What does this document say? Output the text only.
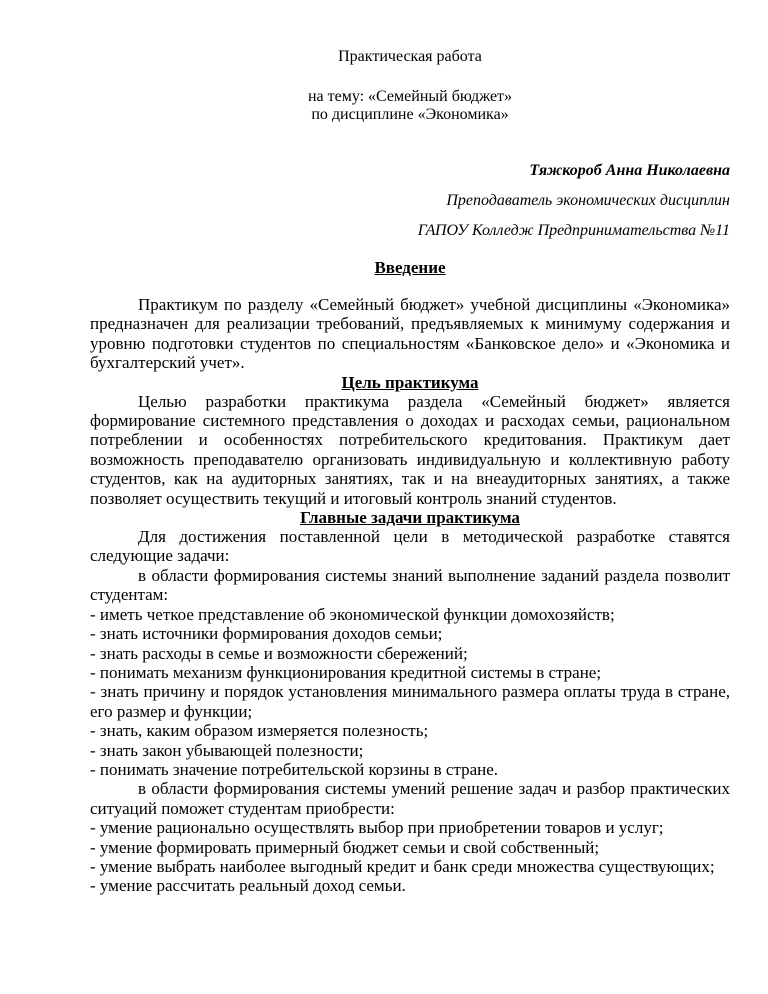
Практическая работа

на тему: «Семейный бюджет»

по дисциплине «Экономика»

Тяжкороб Анна Николаевна

Преподаватель экономических дисциплин

ГАПОУ Колледж Предпринимательства №11

Введение

Практикум по разделу «Семейный бюджет» учебной дисциплины «Экономика» предназначен для реализации требований, предъявляемых к минимуму содержания и уровню подготовки студентов по специальностям «Банковское дело» и «Экономика и бухгалтерский учет».

Цель практикума

Целью разработки практикума раздела «Семейный бюджет» является формирование системного представления о доходах и расходах семьи, рациональном потреблении и особенностях потребительского кредитования. Практикум дает возможность преподавателю организовать индивидуальную и коллективную работу студентов, как на аудиторных занятиях, так и на внеаудиторных занятиях, а также позволяет осуществить текущий и итоговый контроль знаний студентов.

Главные задачи практикума

Для достижения поставленной цели в методической разработке ставятся следующие задачи:

в области формирования системы знаний выполнение заданий раздела позволит студентам:

- иметь четкое представление об экономической функции домохозяйств;

- знать источники формирования доходов семьи;

- знать расходы в семье и возможности сбережений;

- понимать механизм функционирования кредитной системы в стране;

- знать причину и порядок установления минимального размера оплаты труда в стране, его размер и функции;

- знать, каким образом измеряется полезность;

- знать закон убывающей полезности;

- понимать значение потребительской корзины в стране.

в области формирования системы умений решение задач и разбор практических ситуаций поможет студентам приобрести:

- умение рационально осуществлять выбор при приобретении товаров и услуг;

- умение формировать примерный бюджет семьи и свой собственный;

- умение выбрать наиболее выгодный кредит и банк среди множества существующих;

- умение рассчитать реальный доход семьи.
